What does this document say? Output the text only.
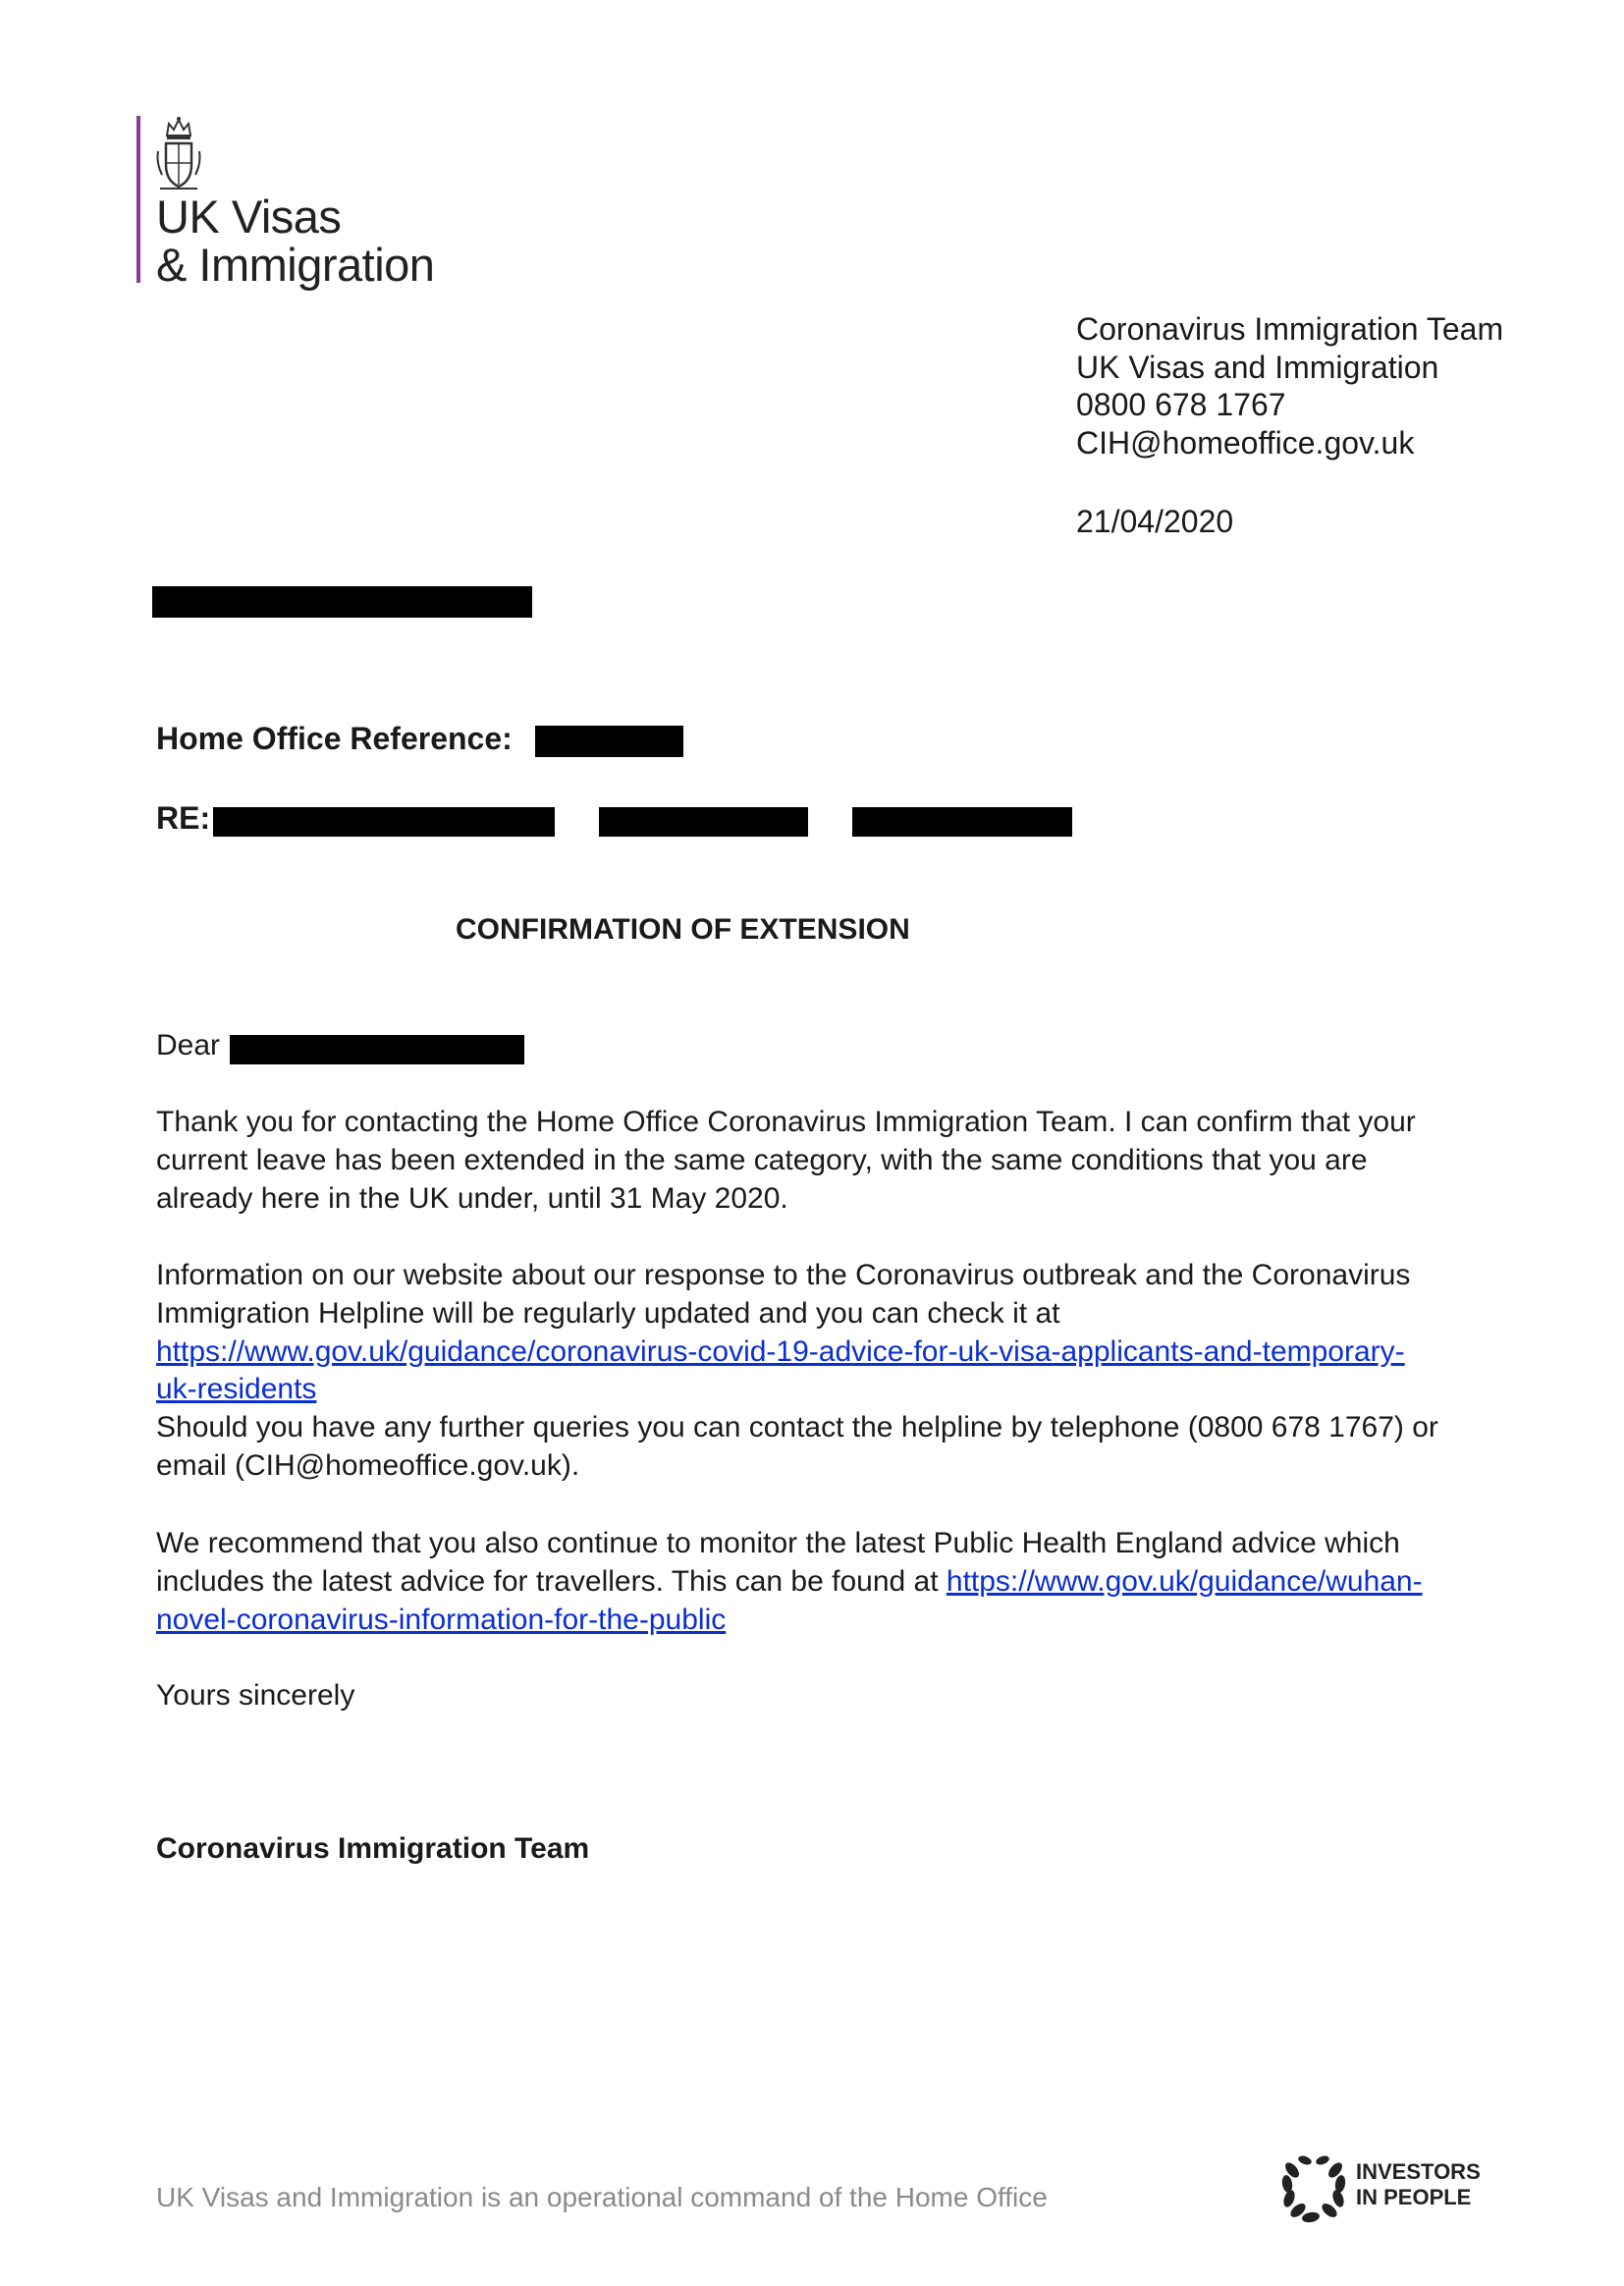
UK Visas
& Immigration
Coronavirus Immigration Team
UK Visas and Immigration
0800 678 1767
CIH@homeoffice.gov.uk
21/04/2020
Home Office Reference:
RE:
CONFIRMATION OF EXTENSION
Dear
Thank you for contacting the Home Office Coronavirus Immigration Team. I can confirm that your
current leave has been extended in the same category, with the same conditions that you are
already here in the UK under, until 31 May 2020.
Information on our website about our response to the Coronavirus outbreak and the Coronavirus
Immigration Helpline will be regularly updated and you can check it at
https://www.gov.uk/guidance/coronavirus-covid-19-advice-for-uk-visa-applicants-and-temporary-
uk-residents
Should you have any further queries you can contact the helpline by telephone (0800 678 1767) or
email (CIH@homeoffice.gov.uk).
We recommend that you also continue to monitor the latest Public Health England advice which
includes the latest advice for travellers. This can be found at https://www.gov.uk/guidance/wuhan-
novel-coronavirus-information-for-the-public
Yours sincerely
Coronavirus Immigration Team
UK Visas and Immigration is an operational command of the Home Office
INVESTORS
IN PEOPLE
